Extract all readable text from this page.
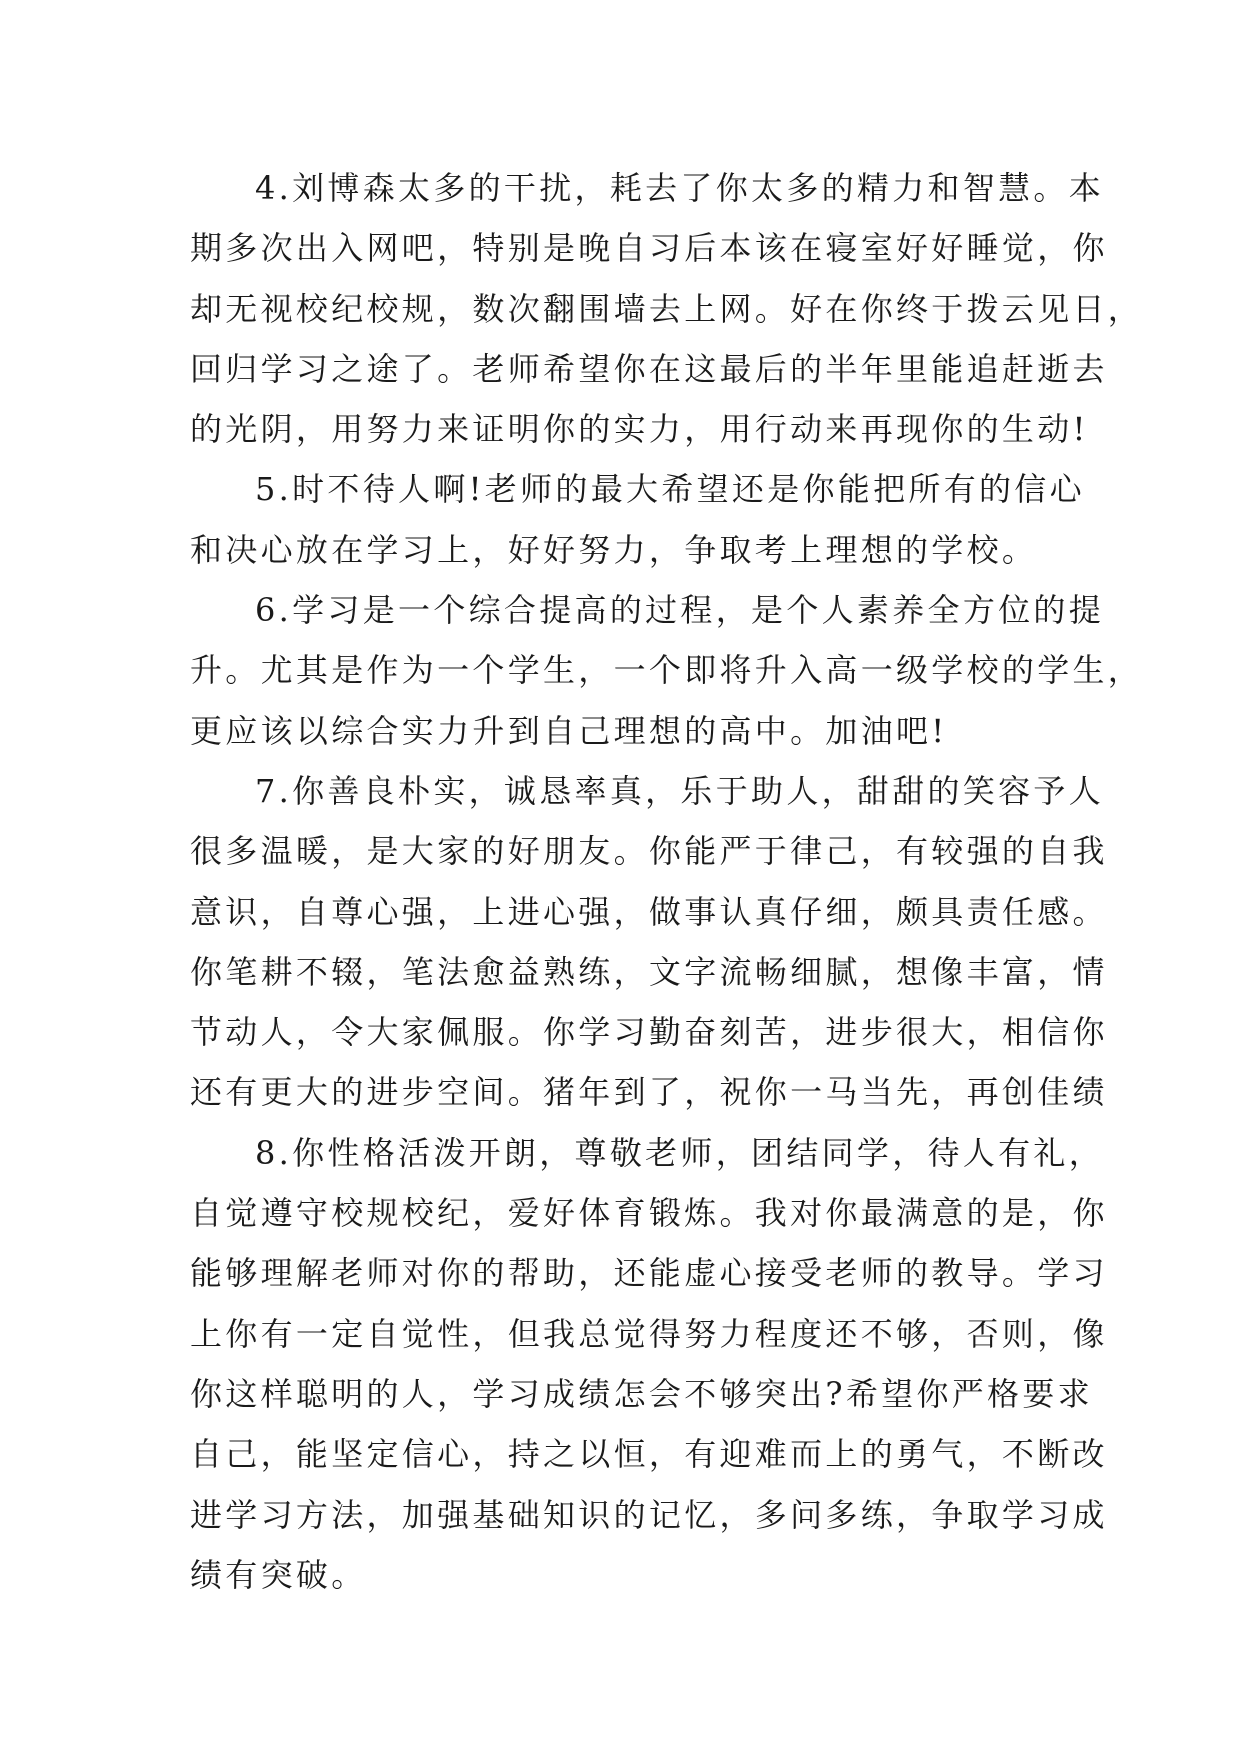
4.刘博森太多的干扰，耗去了你太多的精力和智慧。本
期多次出入网吧，特别是晚自习后本该在寝室好好睡觉，你
却无视校纪校规，数次翻围墙去上网。好在你终于拨云见日，
回归学习之途了。老师希望你在这最后的半年里能追赶逝去
的光阴，用努力来证明你的实力，用行动来再现你的生动!
5.时不待人啊!老师的最大希望还是你能把所有的信心
和决心放在学习上，好好努力，争取考上理想的学校。
6.学习是一个综合提高的过程，是个人素养全方位的提
升。尤其是作为一个学生，一个即将升入高一级学校的学生，
更应该以综合实力升到自己理想的高中。加油吧!
7.你善良朴实，诚恳率真，乐于助人，甜甜的笑容予人
很多温暖，是大家的好朋友。你能严于律己，有较强的自我
意识，自尊心强，上进心强，做事认真仔细，颇具责任感。
你笔耕不辍，笔法愈益熟练，文字流畅细腻，想像丰富，情
节动人，令大家佩服。你学习勤奋刻苦，进步很大，相信你
还有更大的进步空间。猪年到了，祝你一马当先，再创佳绩
8.你性格活泼开朗，尊敬老师，团结同学，待人有礼，
自觉遵守校规校纪，爱好体育锻炼。我对你最满意的是，你
能够理解老师对你的帮助，还能虚心接受老师的教导。学习
上你有一定自觉性，但我总觉得努力程度还不够，否则，像
你这样聪明的人，学习成绩怎会不够突出?希望你严格要求
自己，能坚定信心，持之以恒，有迎难而上的勇气，不断改
进学习方法，加强基础知识的记忆，多问多练，争取学习成
绩有突破。
